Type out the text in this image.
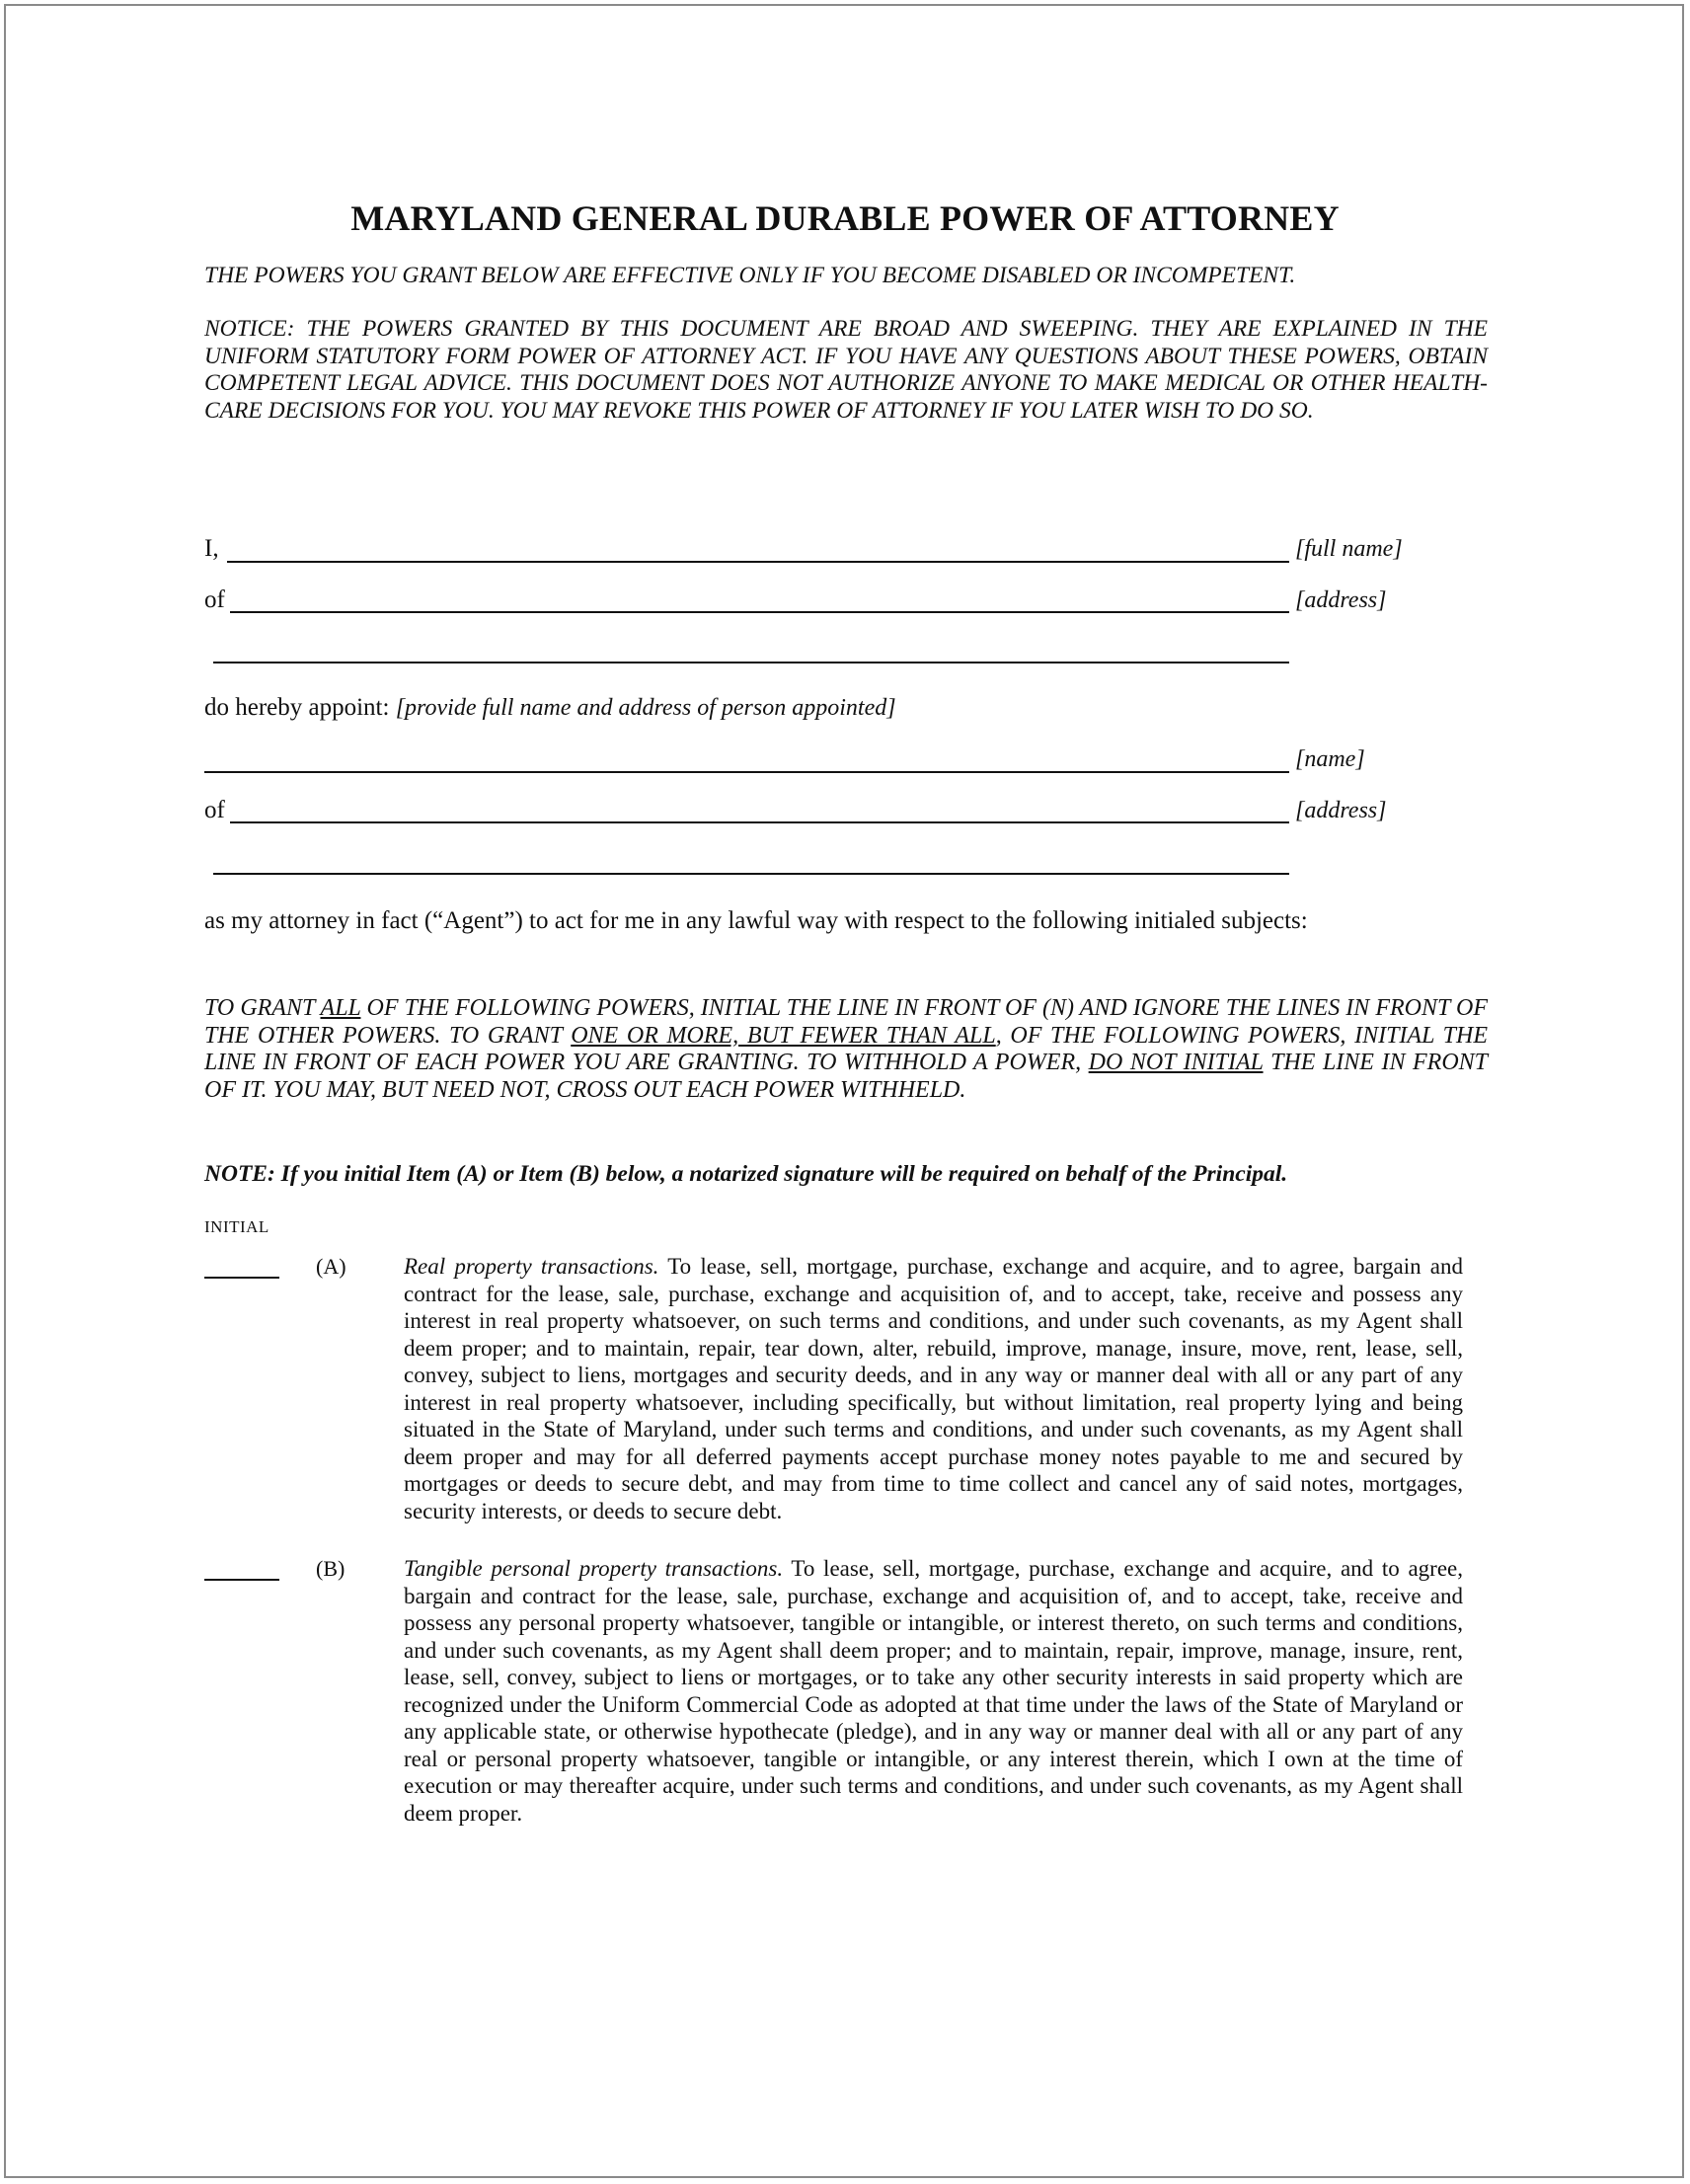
MARYLAND GENERAL DURABLE POWER OF ATTORNEY
THE POWERS YOU GRANT BELOW ARE EFFECTIVE ONLY IF YOU BECOME DISABLED OR INCOMPETENT.
NOTICE: THE POWERS GRANTED BY THIS DOCUMENT ARE BROAD AND SWEEPING. THEY ARE EXPLAINED IN THE UNIFORM STATUTORY FORM POWER OF ATTORNEY ACT. IF YOU HAVE ANY QUESTIONS ABOUT THESE POWERS, OBTAIN COMPETENT LEGAL ADVICE. THIS DOCUMENT DOES NOT AUTHORIZE ANYONE TO MAKE MEDICAL OR OTHER HEALTH-CARE DECISIONS FOR YOU. YOU MAY REVOKE THIS POWER OF ATTORNEY IF YOU LATER WISH TO DO SO.
I,	[full name]
of	[address]
do hereby appoint: [provide full name and address of person appointed]
[name]
of	[address]
as my attorney in fact (“Agent”) to act for me in any lawful way with respect to the following initialed subjects:
TO GRANT ALL OF THE FOLLOWING POWERS, INITIAL THE LINE IN FRONT OF (N) AND IGNORE THE LINES IN FRONT OF THE OTHER POWERS. TO GRANT ONE OR MORE, BUT FEWER THAN ALL, OF THE FOLLOWING POWERS, INITIAL THE LINE IN FRONT OF EACH POWER YOU ARE GRANTING. TO WITHHOLD A POWER, DO NOT INITIAL THE LINE IN FRONT OF IT. YOU MAY, BUT NEED NOT, CROSS OUT EACH POWER WITHHELD.
NOTE: If you initial Item (A) or Item (B) below, a notarized signature will be required on behalf of the Principal.
INITIAL
(A)	Real property transactions. To lease, sell, mortgage, purchase, exchange and acquire, and to agree, bargain and contract for the lease, sale, purchase, exchange and acquisition of, and to accept, take, receive and possess any interest in real property whatsoever, on such terms and conditions, and under such covenants, as my Agent shall deem proper; and to maintain, repair, tear down, alter, rebuild, improve, manage, insure, move, rent, lease, sell, convey, subject to liens, mortgages and security deeds, and in any way or manner deal with all or any part of any interest in real property whatsoever, including specifically, but without limitation, real property lying and being situated in the State of Maryland, under such terms and conditions, and under such covenants, as my Agent shall deem proper and may for all deferred payments accept purchase money notes payable to me and secured by mortgages or deeds to secure debt, and may from time to time collect and cancel any of said notes, mortgages, security interests, or deeds to secure debt.
(B)	Tangible personal property transactions. To lease, sell, mortgage, purchase, exchange and acquire, and to agree, bargain and contract for the lease, sale, purchase, exchange and acquisition of, and to accept, take, receive and possess any personal property whatsoever, tangible or intangible, or interest thereto, on such terms and conditions, and under such covenants, as my Agent shall deem proper; and to maintain, repair, improve, manage, insure, rent, lease, sell, convey, subject to liens or mortgages, or to take any other security interests in said property which are recognized under the Uniform Commercial Code as adopted at that time under the laws of the State of Maryland or any applicable state, or otherwise hypothecate (pledge), and in any way or manner deal with all or any part of any real or personal property whatsoever, tangible or intangible, or any interest therein, which I own at the time of execution or may thereafter acquire, under such terms and conditions, and under such covenants, as my Agent shall deem proper.
